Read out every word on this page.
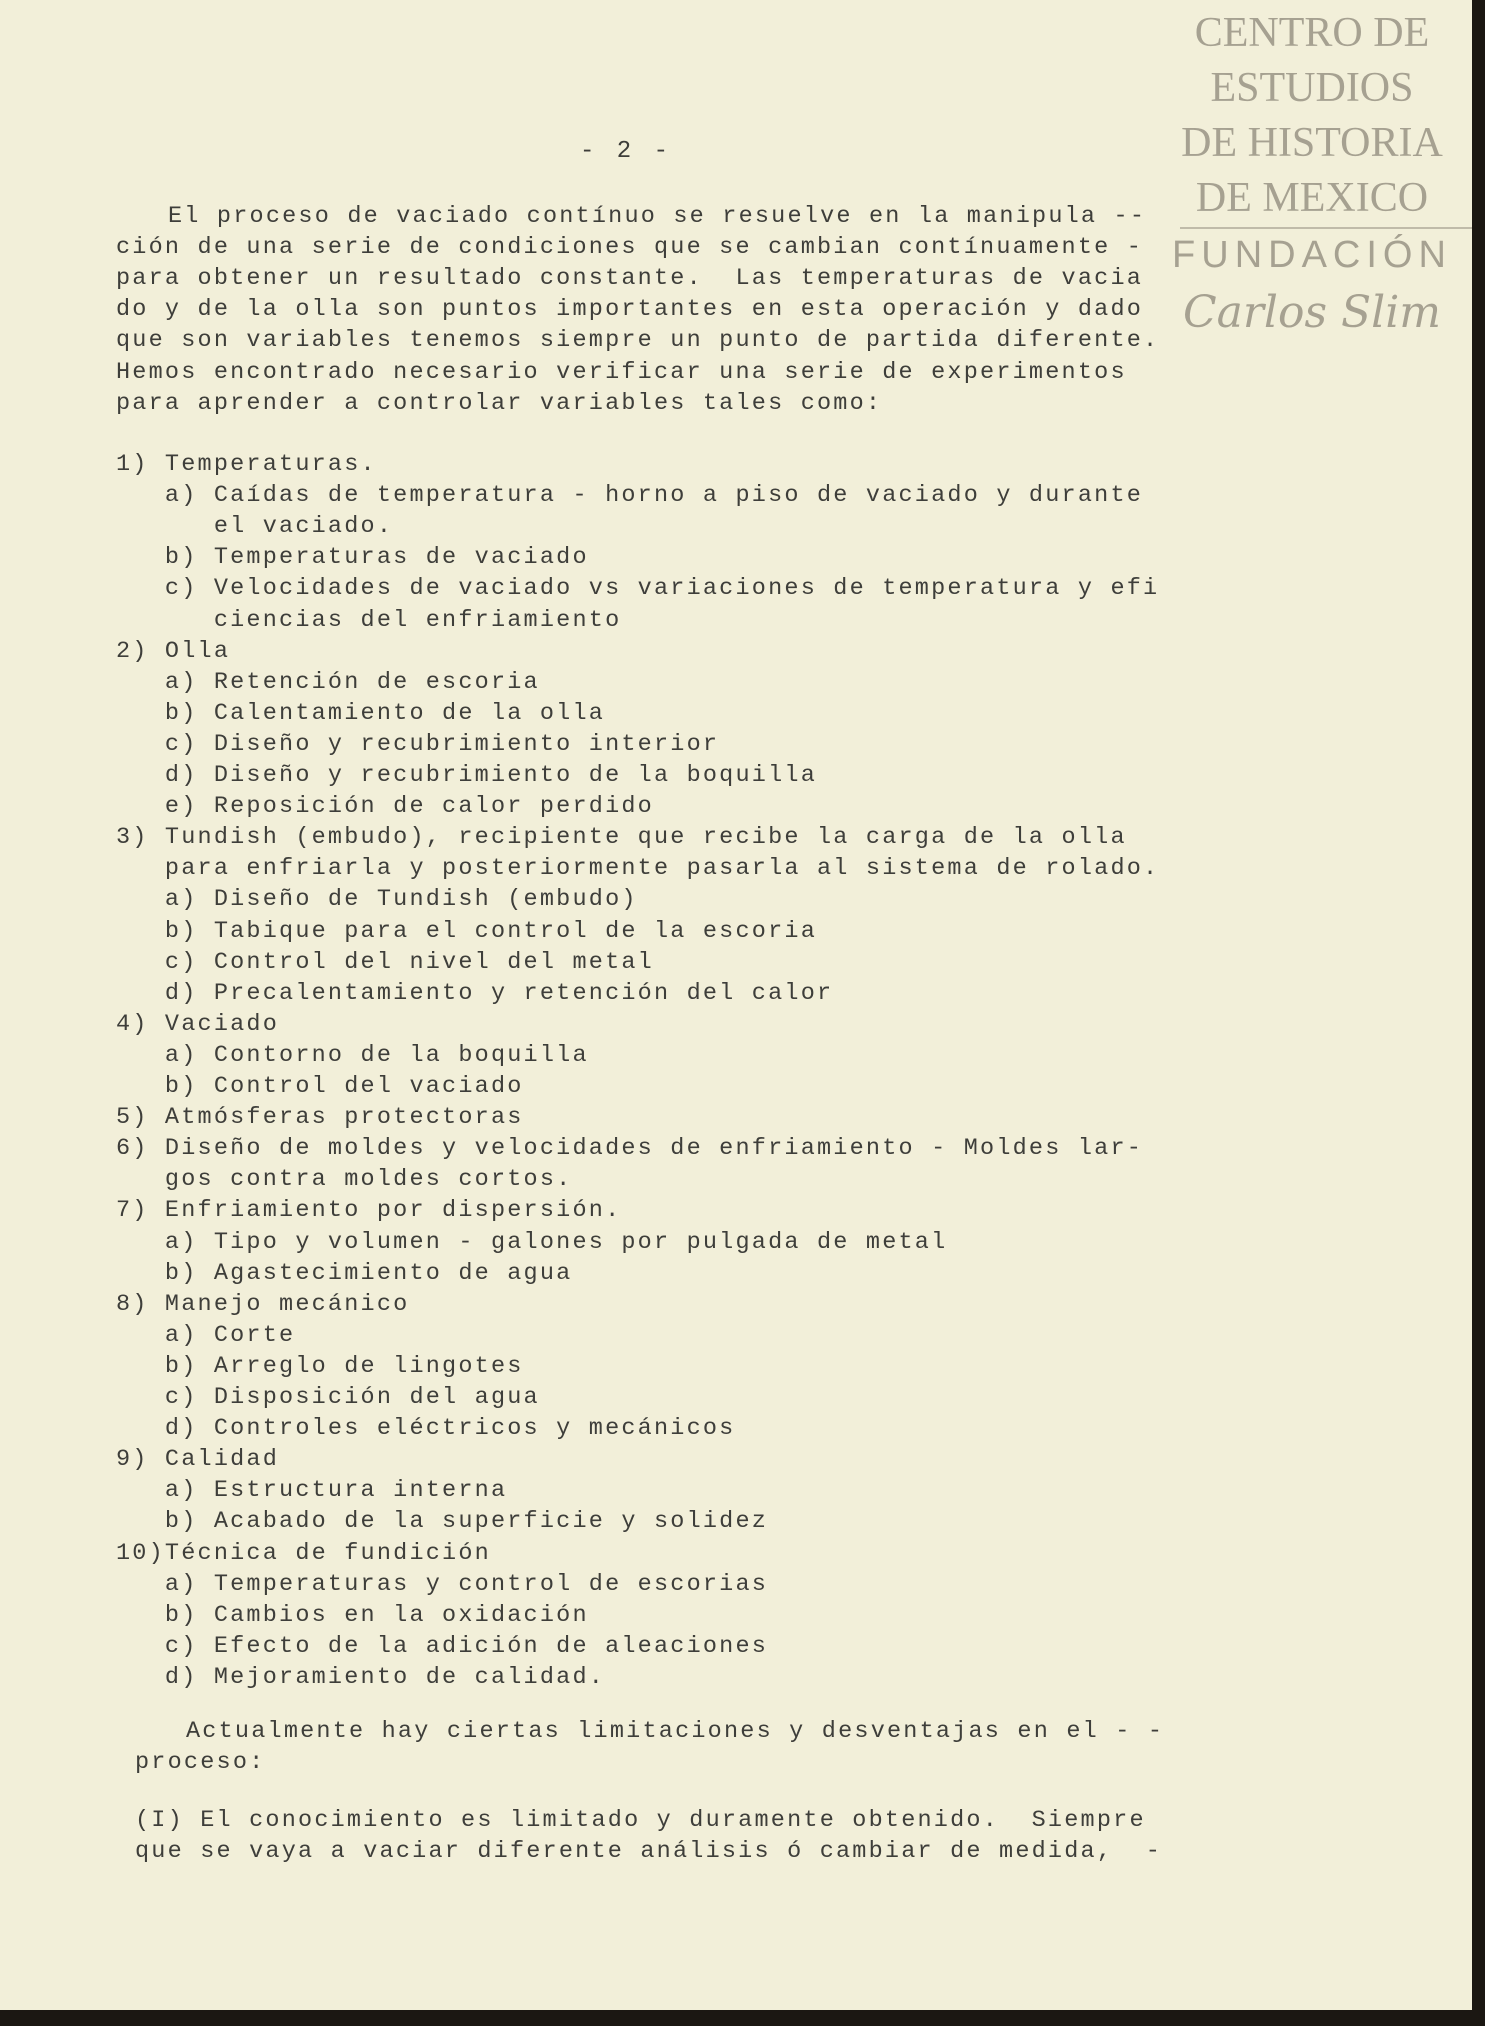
CENTRO DE
ESTUDIOS
DE HISTORIA
DE MEXICO
FUNDACIÓN
Carlos Slim
- 2 -
El proceso de vaciado contínuo se resuelve en la manipula --
ción de una serie de condiciones que se cambian contínuamente -
para obtener un resultado constante.  Las temperaturas de vacia
do y de la olla son puntos importantes en esta operación y dado
que son variables tenemos siempre un punto de partida diferente.
Hemos encontrado necesario verificar una serie de experimentos
para aprender a controlar variables tales como:
1) Temperaturas.
a) Caídas de temperatura - horno a piso de vaciado y durante
el vaciado.
b) Temperaturas de vaciado
c) Velocidades de vaciado vs variaciones de temperatura y efi
ciencias del enfriamiento
2) Olla
a) Retención de escoria
b) Calentamiento de la olla
c) Diseño y recubrimiento interior
d) Diseño y recubrimiento de la boquilla
e) Reposición de calor perdido
3) Tundish (embudo), recipiente que recibe la carga de la olla
para enfriarla y posteriormente pasarla al sistema de rolado.
a) Diseño de Tundish (embudo)
b) Tabique para el control de la escoria
c) Control del nivel del metal
d) Precalentamiento y retención del calor
4) Vaciado
a) Contorno de la boquilla
b) Control del vaciado
5) Atmósferas protectoras
6) Diseño de moldes y velocidades de enfriamiento - Moldes lar-
gos contra moldes cortos.
7) Enfriamiento por dispersión.
a) Tipo y volumen - galones por pulgada de metal
b) Agastecimiento de agua
8) Manejo mecánico
a) Corte
b) Arreglo de lingotes
c) Disposición del agua
d) Controles eléctricos y mecánicos
9) Calidad
a) Estructura interna
b) Acabado de la superficie y solidez
10)Técnica de fundición
a) Temperaturas y control de escorias
b) Cambios en la oxidación
c) Efecto de la adición de aleaciones
d) Mejoramiento de calidad.
Actualmente hay ciertas limitaciones y desventajas en el - -
proceso:
(I) El conocimiento es limitado y duramente obtenido.  Siempre
que se vaya a vaciar diferente análisis ó cambiar de medida,  -
